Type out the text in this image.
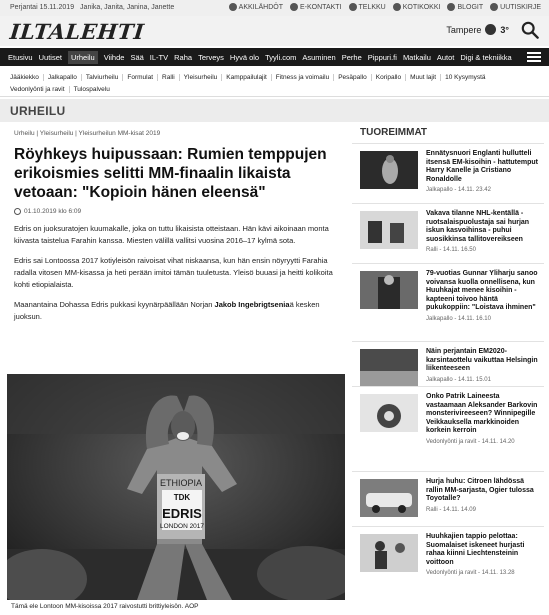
Perjantai 15.11.2019 Janika, Janita, Janina, Janette	AKKILÄHDÖT E-KONTAKTI TELKKU KOTIKOKKI BLOGIT UUTISKIRJE
ILTALEHTI	Tampere 3°
Etusivu Uutiset	Urheilu	Viihde Sää IL-TV Raha Terveys Hyvä olo Tyyli.com Asuminen Perhe Pippuri.fi Matkailu Autot Digi & tekniikka
Jääkiekko	Jalkapallo	Talviurheilu	Formulat	Ralli	Yleisurheilu	Kamppailulajit	Fitness ja voimailu	Pesäpallo	Koripallo	Muut lajit	10 Kysymystä
Vedonlyönti ja ravit	Tulospalvelu
URHEILU
Urheilu | Yleisurheilu | Yleisurheilun MM-kisat 2019
Röyhkeys huipussaan: Rumien temppujen erikoismies selitti MM-finaalin likaista vetoaan: "Kopioin hänen eleensä"
01.10.2019 klo 6:09

Edris on juoksuratojen kuumakalle, joka on tuttu likaisista otteistaan. Hän kävi aikoinaan monta kiivasta taistelua Farahin kanssa. Miesten välillä vallitsi vuosina 2016–17 kylmä sota.

Edris sai Lontoossa 2017 kotiyleisön raivoisat vihat niskaansa, kun hän ensin nöyryytti Farahia radalla vitosen MM-kisassa ja heti perään imitoi tämän tuuletusta. Yleisö buuasi ja heitti kolikoita kohti etiopialaista.

Maanantaina Dohassa Edris pukkasi kyynärpäällään Norjan Jakob Ingebrigtseniaä kesken juoksun.

ETHIOPIA
TDK
EDRIS
LONDON 2017
Tämä ele Lontoon MM-kisoissa 2017 raivostutti brittiyleisön. AOP
TUOREIMMAT
Ennätysnuori Englanti hullutteli itsensä EM-kisoihin - hattutemput Harry Kanelle ja Cristiano Ronaldolle
Jalkapallo - 14.11. 23.42
Vakava tilanne NHL-kentällä - ruotsalaispuolustaja sai hurjan iskun kasvoihinsa - puhui suosikkinsa tallitovereikseen
Ralli - 14.11. 16.50
79-vuotias Gunnar Yliharju sanoo voivansa kuolla onnellisena, kun Huuhkajat menee kisoihin - kapteeni toivoo häntä pukukoppiin: "Loistava ihminen"
Jalkapallo - 14.11. 16.10
Näin perjantain EM2020-karsintaottelu vaikuttaa Helsingin liikenteeseen
Jalkapallo - 14.11. 15.01
Onko Patrik Laineesta vastaamaan Aleksander Barkovin monsterivireeseen? Winnipegille Veikkauksella markkinoiden korkein kerroin
Vedonlyönti ja ravit - 14.11. 14.20
Hurja huhu: Citroen lähdössä rallin MM-sarjasta, Ogier tulossa Toyotalle?
Ralli - 14.11. 14.09
Huuhkajien tappio pelottaa: Suomalaiset iskeneet hurjasti rahaa kiinni Liechtensteinin voittoon
Vedonlyönti ja ravit - 14.11. 13.28
